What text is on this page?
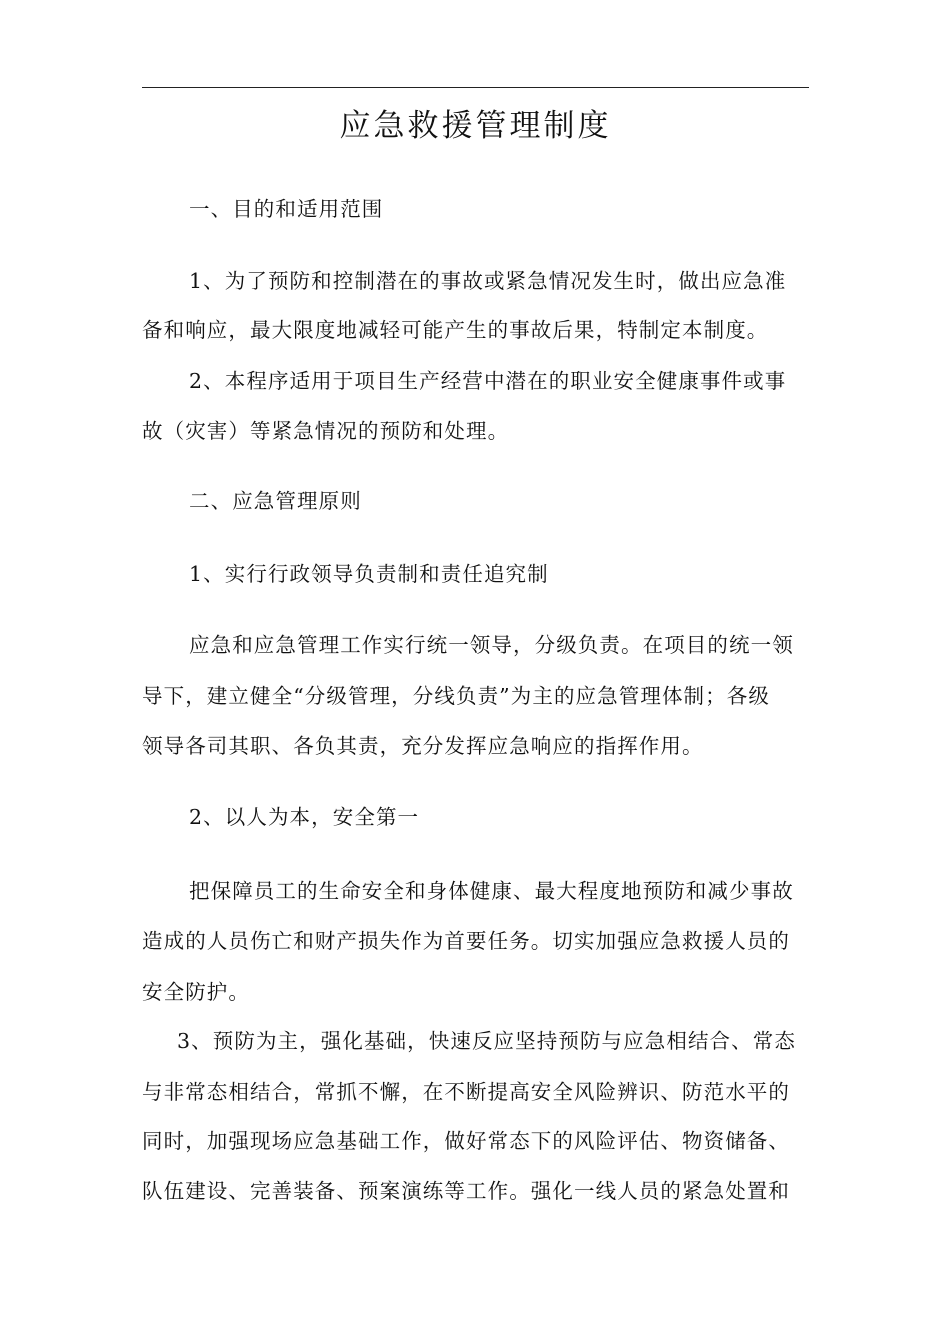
应急救援管理制度
一、目的和适用范围
1、为了预防和控制潜在的事故或紧急情况发生时，做出应急准
备和响应，最大限度地减轻可能产生的事故后果，特制定本制度。
2、本程序适用于项目生产经营中潜在的职业安全健康事件或事
故（灾害）等紧急情况的预防和处理。
二、应急管理原则
1、实行行政领导负责制和责任追究制
应急和应急管理工作实行统一领导，分级负责。在项目的统一领
导下，建立健全“分级管理，分线负责”为主的应急管理体制；各级
领导各司其职、各负其责，充分发挥应急响应的指挥作用。
2、以人为本，安全第一
把保障员工的生命安全和身体健康、最大程度地预防和减少事故
造成的人员伤亡和财产损失作为首要任务。切实加强应急救援人员的
安全防护。
3、预防为主，强化基础，快速反应坚持预防与应急相结合、常态
与非常态相结合，常抓不懈，在不断提高安全风险辨识、防范水平的
同时，加强现场应急基础工作，做好常态下的风险评估、物资储备、
队伍建设、完善装备、预案演练等工作。强化一线人员的紧急处置和
